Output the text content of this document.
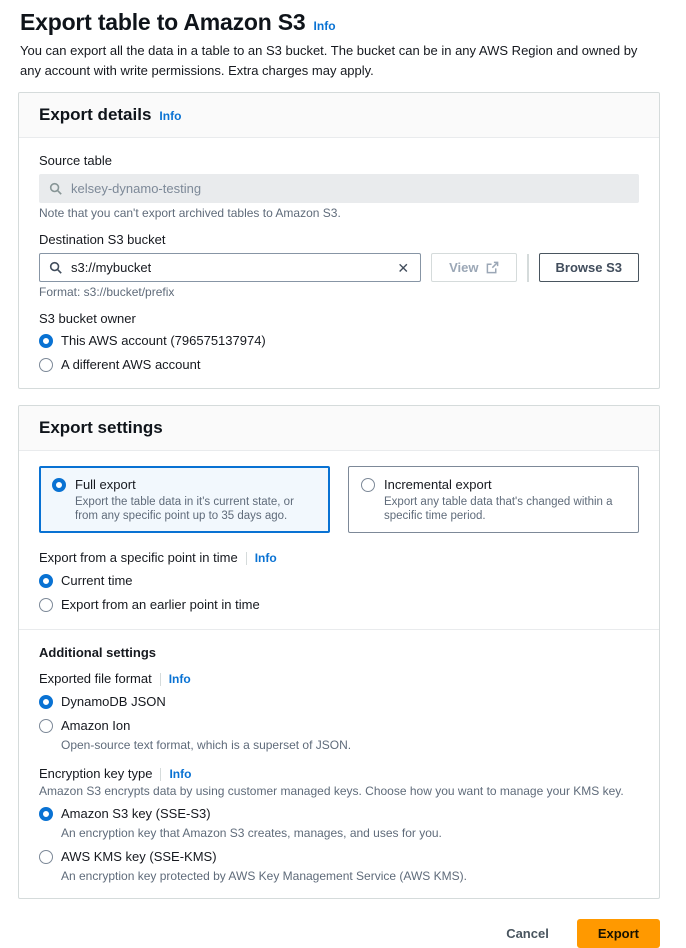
Export table to Amazon S3 Info

You can export all the data in a table to an S3 bucket. The bucket can be in any AWS Region and owned by any account with write permissions. Extra charges may apply.

Export details Info
Source table
kelsey-dynamo-testing
Note that you can't export archived tables to Amazon S3.
Destination S3 bucket
s3://mybucket	✕	View	Browse S3
Format: s3://bucket/prefix
S3 bucket owner
This AWS account (796575137974)
A different AWS account
Export settings
Full export
Export the table data in it's current state, or from any specific point up to 35 days ago.
Incremental export
Export any table data that's changed within a specific time period.
Export from a specific point in time Info
Current time
Export from an earlier point in time
Additional settings
Exported file format Info
DynamoDB JSON
Amazon Ion
Open-source text format, which is a superset of JSON.
Encryption key type Info
Amazon S3 encrypts data by using customer managed keys. Choose how you want to manage your KMS key.
Amazon S3 key (SSE-S3)
An encryption key that Amazon S3 creates, manages, and uses for you.
AWS KMS key (SSE-KMS)
An encryption key protected by AWS Key Management Service (AWS KMS).
Cancel	Export
